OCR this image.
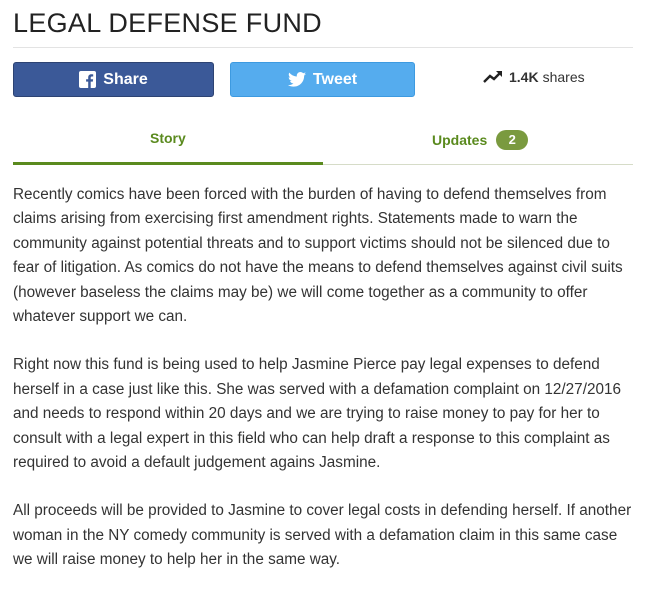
LEGAL DEFENSE FUND
Share	Tweet	1.4K shares
Story	Updates	2

Recently comics have been forced with the burden of having to defend themselves from claims arising from exercising first amendment rights. Statements made to warn the community against potential threats and to support victims should not be silenced due to fear of litigation. As comics do not have the means to defend themselves against civil suits (however baseless the claims may be) we will come together as a community to offer whatever support we can.

Right now this fund is being used to help Jasmine Pierce pay legal expenses to defend herself in a case just like this. She was served with a defamation complaint on 12/27/2016 and needs to respond within 20 days and we are trying to raise money to pay for her to consult with a legal expert in this field who can help draft a response to this complaint as required to avoid a default judgement agains Jasmine.

All proceeds will be provided to Jasmine to cover legal costs in defending herself. If another woman in the NY comedy community is served with a defamation claim in this same case we will raise money to help her in the same way.
